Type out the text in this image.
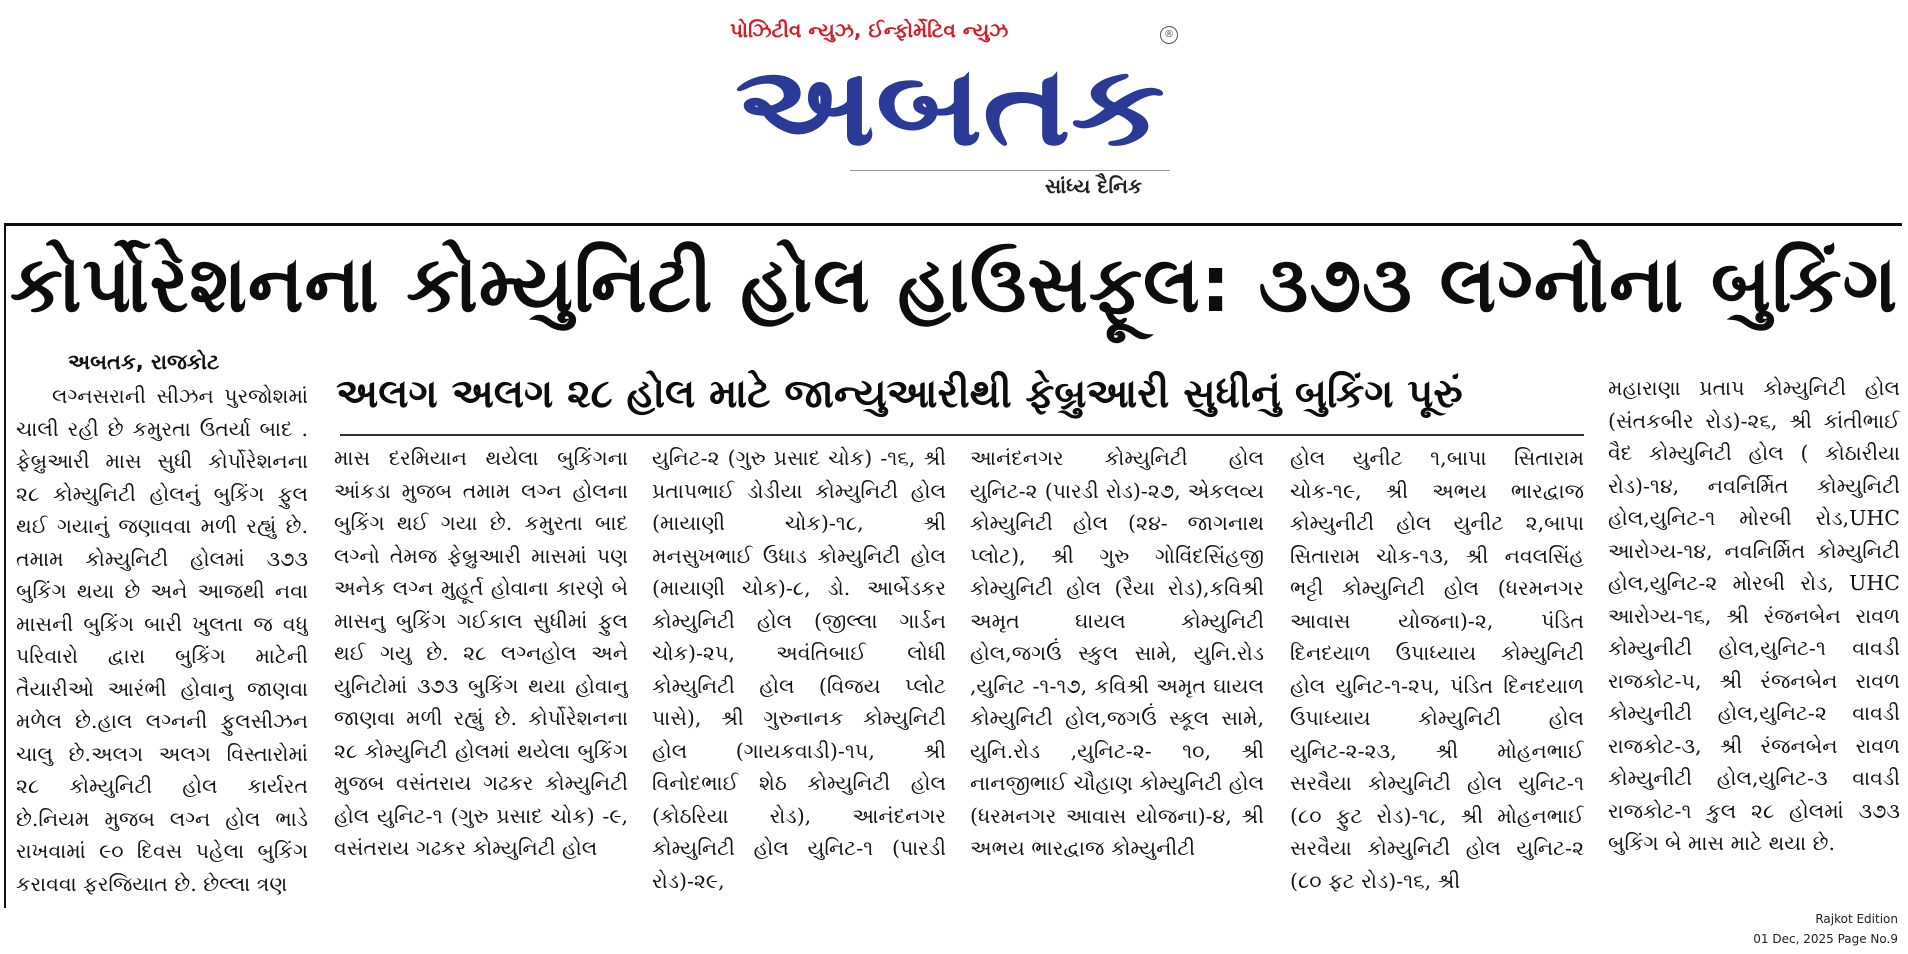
પોઝિટીવ ન્યુઝ, ઈન્ફોર્મેટિવ ન્યુઝ	®
અબતક
સાંધ્ય દૈનિક
કોર્પોરેશનના કોમ્યુનિટી હોલ હાઉસફૂલ: ૩૭૩ લગ્નોના બુકિંગ
અલગ અલગ ૨૮ હોલ માટે જાન્યુઆરીથી ફેબ્રુઆરી સુધીનું બુકિંગ પૂરું
અબતક, રાજકોટ

લગ્નસરાની સીઝન પુરજોશમાં ચાલી રહી છે કમુરતા ઉતર્યા બાદ . ફેબ્રુઆરી માસ સુધી કોર્પોરેશનના ૨૮ કોમ્યુનિટી હોલનું બુકિંગ ફુલ થઈ ગયાનું જણાવવા મળી રહ્યું છે. તમામ કોમ્યુનિટી હોલમાં ૩૭૩ બુકિંગ થયા છે અને આજથી નવા માસની બુકિંગ બારી ખુલતા જ વધુ પરિવારો દ્વારા બુકિંગ માટેની તૈયારીઓ આરંભી હોવાનુ જાણવા મળેલ છે.હાલ લગ્નની ફુલસીઝન ચાલુ છે.અલગ અલગ વિસ્તારોમાં ૨૮ કોમ્યુનિટી હોલ કાર્યરત છે.નિયમ મુજબ લગ્ન હોલ ભાડે રાખવામાં ૯૦ દિવસ પહેલા બુકિંગ કરાવવા ફરજિયાત છે. છેલ્લા ત્રણ

માસ દરમિયાન થયેલા બુકિંગના આંકડા મુજબ તમામ લગ્ન હોલના બુકિંગ થઈ ગયા છે. કમુરતા બાદ લગ્નો તેમજ ફેબ્રુઆરી માસમાં પણ અનેક લગ્ન મુહૂર્ત હોવાના કારણે બે માસનુ બુકિંગ ગઈકાલ સુધીમાં ફુલ થઈ ગયુ છે. ૨૮ લગ્નહોલ અને યુનિટોમાં ૩૭૩ બુકિંગ થયા હોવાનુ જાણવા મળી રહ્યું છે. કોર્પોરેશનના ૨૮ કોમ્યુનિટી હોલમાં થયેલા બુકિંગ મુજબ વસંતરાય ગઢકર કોમ્યુનિટી હોલ યુનિટ-૧ (ગુરુ પ્રસાદ ચોક) -૯, વસંતરાય ગઢકર કોમ્યુનિટી હોલ

યુનિટ-૨ (ગુરુ પ્રસાદ ચોક) -૧૬, શ્રી પ્રતાપભાઈ ડોડીયા કોમ્યુનિટી હોલ (માયાણી ચોક)-૧૮, શ્રી મનસુખભાઈ ઉધાડ કોમ્યુનિટી હોલ (માયાણી ચોક)-૮, ડો. આર્બેડકર કોમ્યુનિટી હોલ (જીલ્લા ગાર્ડન ચોક)-૨૫, અવંતિબાઈ લોધી કોમ્યુનિટી હોલ (વિજય પ્લોટ પાસે), શ્રી ગુરુનાનક કોમ્યુનિટી હોલ (ગાયકવાડી)-૧૫, શ્રી વિનોદભાઈ શેઠ કોમ્યુનિટી હોલ (કોઠરિયા રોડ), આનંદનગર કોમ્યુનિટી હોલ યુનિટ-૧ (પારડી રોડ)-૨૯,

આનંદનગર કોમ્યુનિટી હોલ યુનિટ-૨ (પારડી રોડ)-૨૭, એકલવ્ય કોમ્યુનિટી હોલ (૨૪- જાગનાથ પ્લોટ), શ્રી ગુરુ ગોવિંદસિંહજી કોમ્યુનિટી હોલ (રૈયા રોડ),કવિશ્રી અમૃત ઘાયલ કોમ્યુનિટી હોલ,જગઉં સ્કુલ સામે, યુનિ.રોડ ,યુનિટ -૧-૧૭, કવિશ્રી અમૃત ઘાયલ કોમ્યુનિટી હોલ,જગઉં સ્કૂલ સામે, યુનિ.રોડ ,યુનિટ-૨- ૧૦, શ્રી નાનજીભાઈ ચૌહાણ કોમ્યુનિટી હોલ (ધરમનગર આવાસ યોજના)-૪, શ્રી અભય ભારદ્વાજ કોમ્યુનીટી

હોલ યુનીટ ૧,બાપા સિતારામ ચોક-૧૯, શ્રી અભય ભારદ્વાજ કોમ્યુનીટી હોલ યુનીટ ૨,બાપા સિતારામ ચોક-૧૩, શ્રી નવલસિંહ ભટ્ટી કોમ્યુનિટી હોલ (ધરમનગર આવાસ યોજના)-૨, પંડિત દિનદયાળ ઉપાધ્યાય કોમ્યુનિટી હોલ યુનિટ-૧-૨૫, પંડિત દિનદયાળ ઉપાધ્યાય કોમ્યુનિટી હોલ યુનિટ-૨-૨૩, શ્રી મોહનભાઈ સરવૈયા કોમ્યુનિટી હોલ યુનિટ-૧ (૮૦ ફુટ રોડ)-૧૮, શ્રી મોહનભાઈ સરવૈયા કોમ્યુનિટી હોલ યુનિટ-૨ (૮૦ ફટ રોડ)-૧૬, શ્રી

મહારાણા પ્રતાપ કોમ્યુનિટી હોલ (સંતકબીર રોડ)-૨૬, શ્રી કાંતીભાઈ વૈદ કોમ્યુનિટી હોલ ( કોઠારીયા રોડ)-૧૪, નવનિર્મિત કોમ્યુનિટી હોલ,યુનિટ-૧ મોરબી રોડ,UHC આરોગ્ય-૧૪, નવનિર્મિત કોમ્યુનિટી હોલ,યુનિટ-૨ મોરબી રોડ, UHC આરોગ્ય-૧૬, શ્રી રંજનબેન રાવળ કોમ્યુનીટી હોલ,યુનિટ-૧ વાવડી રાજકોટ-૫, શ્રી રંજનબેન રાવળ કોમ્યુનીટી હોલ,યુનિટ-૨ વાવડી રાજકોટ-૩, શ્રી રંજનબેન રાવળ કોમ્યુનીટી હોલ,યુનિટ-૩ વાવડી રાજકોટ-૧ કુલ ૨૮ હોલમાં ૩૭૩ બુકિંગ બે માસ માટે થયા છે.

Rajkot Edition
01 Dec, 2025 Page No.9
